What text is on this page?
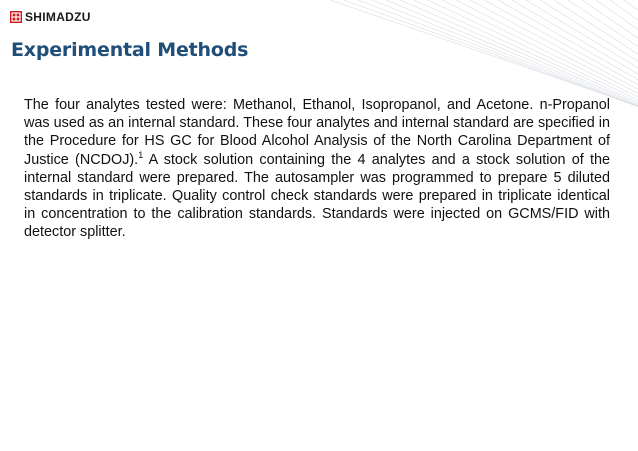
SHIMADZU
Experimental Methods

The four analytes tested were: Methanol, Ethanol, Isopropanol, and Acetone. n-Propanol was used as an internal standard. These four analytes and internal standard are specified in the Procedure for HS GC for Blood Alcohol Analysis of the North Carolina Department of Justice (NCDOJ).$^1$ A stock solution containing the 4 analytes and a stock solution of the internal standard were prepared. The autosampler was programmed to prepare 5 diluted standards in triplicate. Quality control check standards were prepared in triplicate identical in concentration to the calibration standards. Standards were injected on GCMS/FID with detector splitter.
